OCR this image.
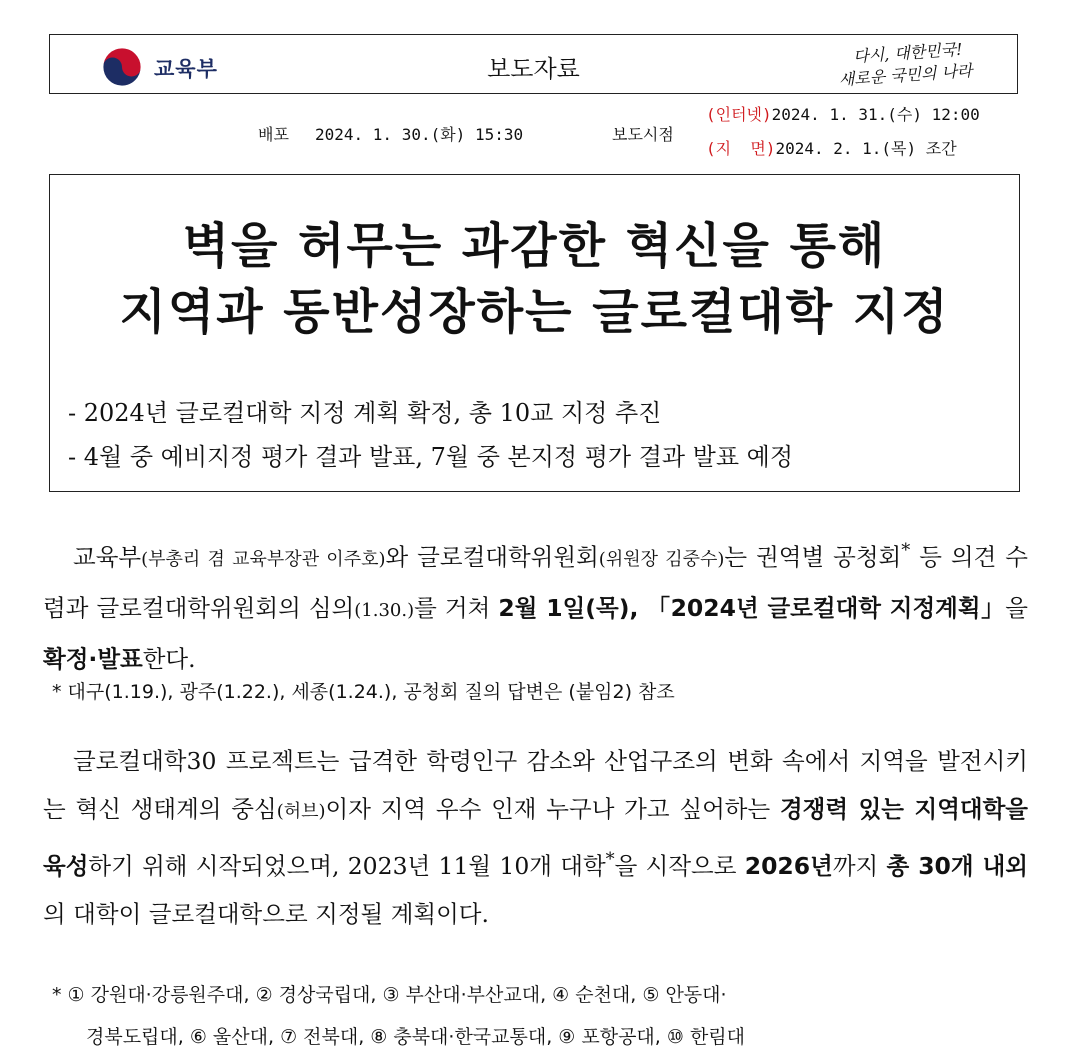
교육부	보도자료
다시, 대한민국!
새로운 국민의 나라
배포 2024. 1. 30.(화) 15:30	보도시점
(인터넷)2024. 1. 31.(수) 12:00
(지  면)2024. 2. 1.(목) 조간
벽을 허무는 과감한 혁신을 통해
지역과 동반성장하는 글로컬대학 지정
- 2024년 글로컬대학 지정 계획 확정, 총 10교 지정 추진
- 4월 중 예비지정 평가 결과 발표, 7월 중 본지정 평가 결과 발표 예정
교육부(부총리 겸 교육부장관 이주호)와 글로컬대학위원회(위원장 김중수)는 권역별 공청회* 등 의견 수렴과 글로컬대학위원회의 심의(1.30.)를 거쳐 2월 1일(목), 「2024년 글로컬대학 지정계획」을 확정·발표한다.
* 대구(1.19.), 광주(1.22.), 세종(1.24.), 공청회 질의 답변은 (붙임2) 참조
글로컬대학30 프로젝트는 급격한 학령인구 감소와 산업구조의 변화 속에서 지역을 발전시키는 혁신 생태계의 중심(허브)이자 지역 우수 인재 누구나 가고 싶어하는 경쟁력 있는 지역대학을 육성하기 위해 시작되었으며, 2023년 11월 10개 대학*을 시작으로 2026년까지 총 30개 내외의 대학이 글로컬대학으로 지정될 계획이다.
* ① 강원대·강릉원주대, ② 경상국립대, ③ 부산대·부산교대, ④ 순천대, ⑤ 안동대·
경북도립대, ⑥ 울산대, ⑦ 전북대, ⑧ 충북대·한국교통대, ⑨ 포항공대, ⑩ 한림대
